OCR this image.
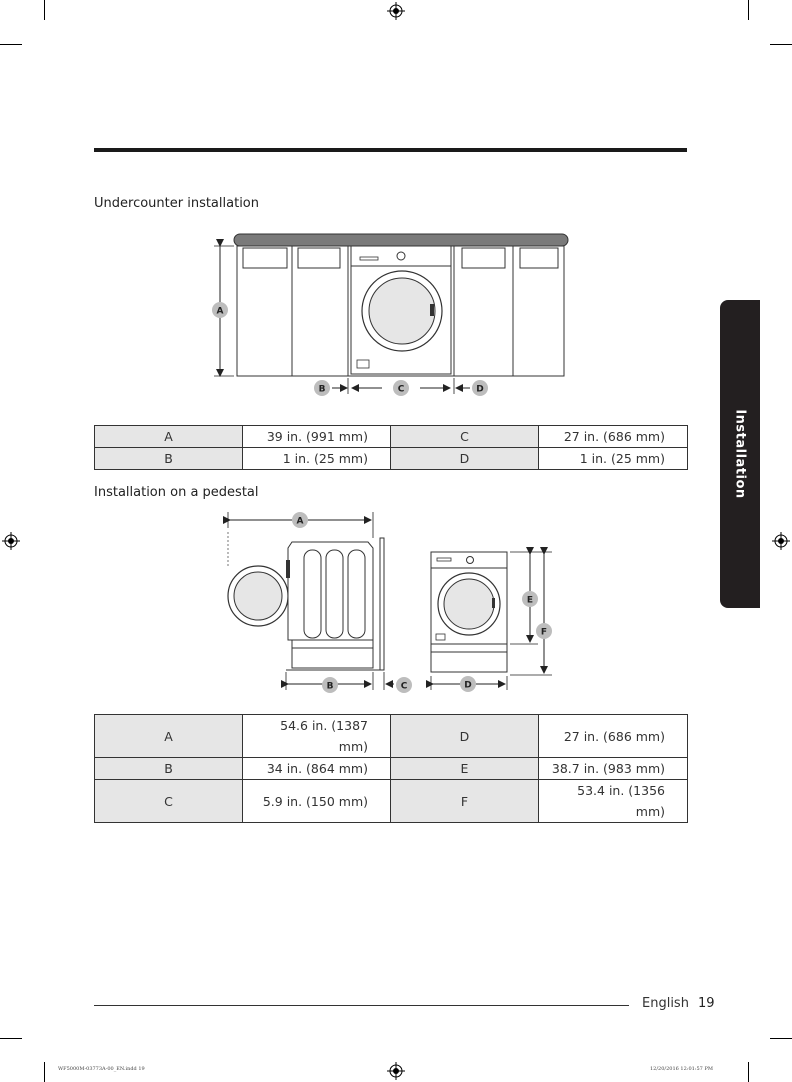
Installation
Undercounter installation
A
B	C	D
A	39 in. (991 mm)	C	27 in. (686 mm)
B	1 in. (25 mm)	D	1 in. (25 mm)
Installation on a pedestal
A
B	C	D
E
F
A	54.6 in. (1387 mm)	D	27 in. (686 mm)
B	34 in. (864 mm)	E	38.7 in. (983 mm)
C	5.9 in. (150 mm)	F	53.4 in. (1356 mm)
English 19
WF5000M-03773A-00_EN.indd 19	12/20/2016 12:01:57 PM
